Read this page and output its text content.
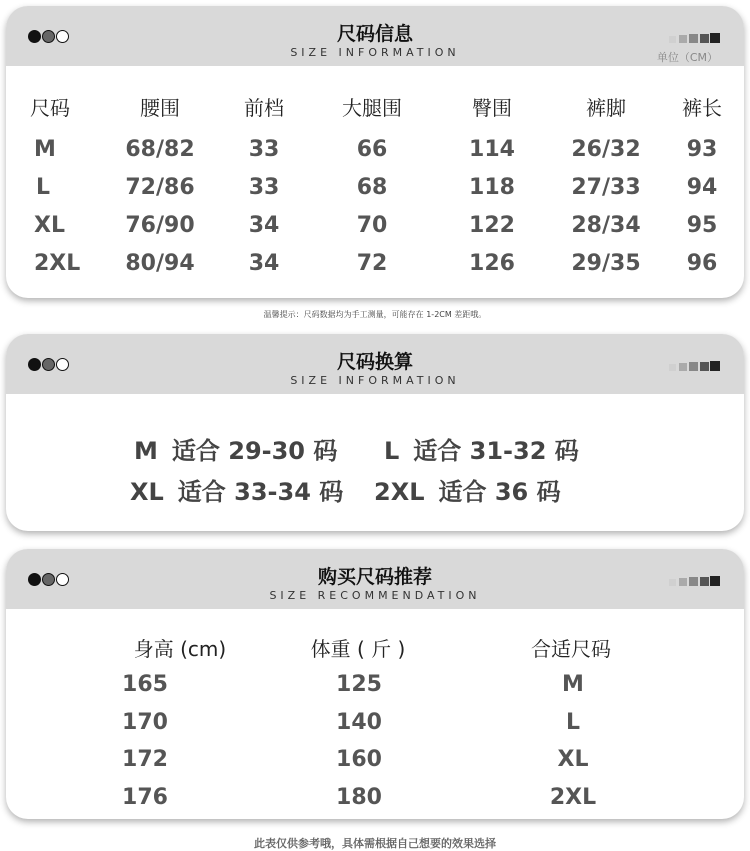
尺码信息
SIZE INFORMATION	单位（CM）
尺码	腰围	前档	大腿围	臀围	裤脚	裤长
M	68/82	33	66	114	26/32	93
L	72/86	33	68	118	27/33	94
XL	76/90	34	70	122	28/34	95
2XL	80/94	34	72	126	29/35	96
温馨提示：尺码数据均为手工测量，可能存在 1-2CM 差距哦。
尺码换算
SIZE INFORMATION
M 适合 29-30 码 L 适合 31-32 码
XL 适合 33-34 码 2XL 适合 36 码
购买尺码推荐
SIZE RECOMMENDATION
身高 (cm)	体重 ( 斤 )	合适尺码
165	125	M
170	140	L
172	160	XL
176	180	2XL
此表仅供参考哦，具体需根据自己想要的效果选择
